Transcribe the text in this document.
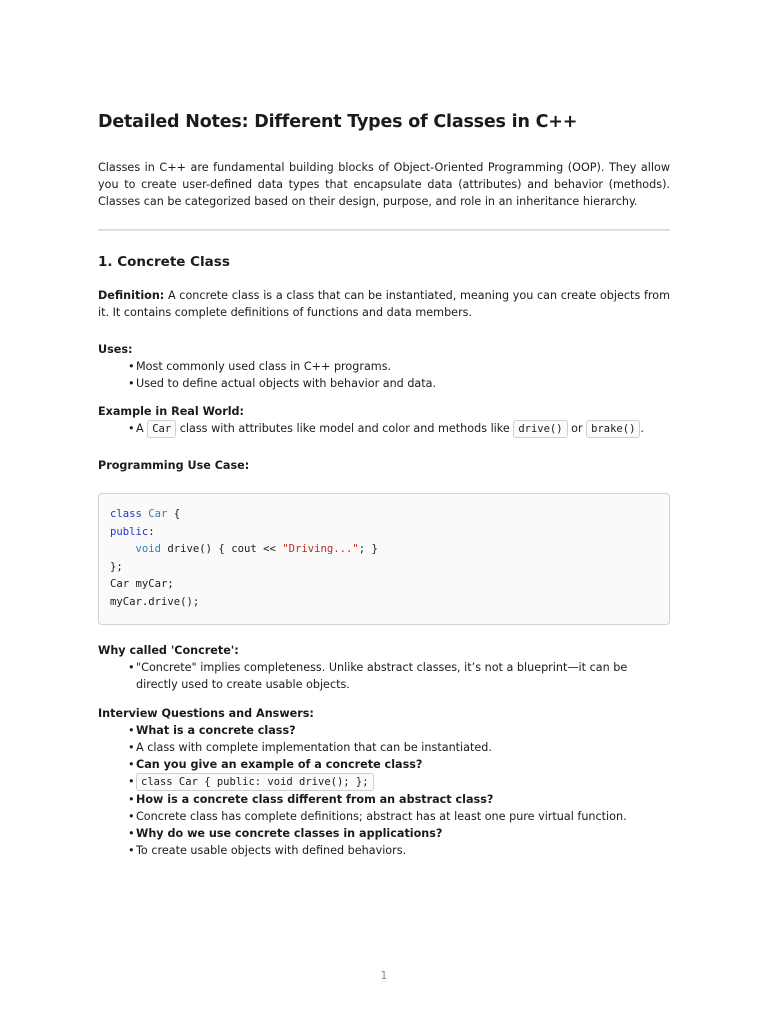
Detailed Notes: Different Types of Classes in C++

Classes in C++ are fundamental building blocks of Object-Oriented Programming (OOP). They allow you to create user-defined data types that encapsulate data (attributes) and behavior (methods). Classes can be categorized based on their design, purpose, and role in an inheritance hierarchy.

1. Concrete Class

Definition: A concrete class is a class that can be instantiated, meaning you can create objects from it. It contains complete definitions of functions and data members.

Uses:
• Most commonly used class in C++ programs.
• Used to define actual objects with behavior and data.
Example in Real World:
• A Car class with attributes like model and color and methods like drive() or brake() .
Programming Use Case:
class Car {
public:
void drive() { cout << "Driving..."; }
};
Car myCar;
myCar.drive();
Why called 'Concrete':
• "Concrete" implies completeness. Unlike abstract classes, it’s not a blueprint—it can be directly used to create usable objects.
Interview Questions and Answers:
• What is a concrete class?
• A class with complete implementation that can be instantiated.
• Can you give an example of a concrete class?
• class Car { public: void drive(); };
• How is a concrete class different from an abstract class?
• Concrete class has complete definitions; abstract has at least one pure virtual function.
• Why do we use concrete classes in applications?
• To create usable objects with defined behaviors.
1
